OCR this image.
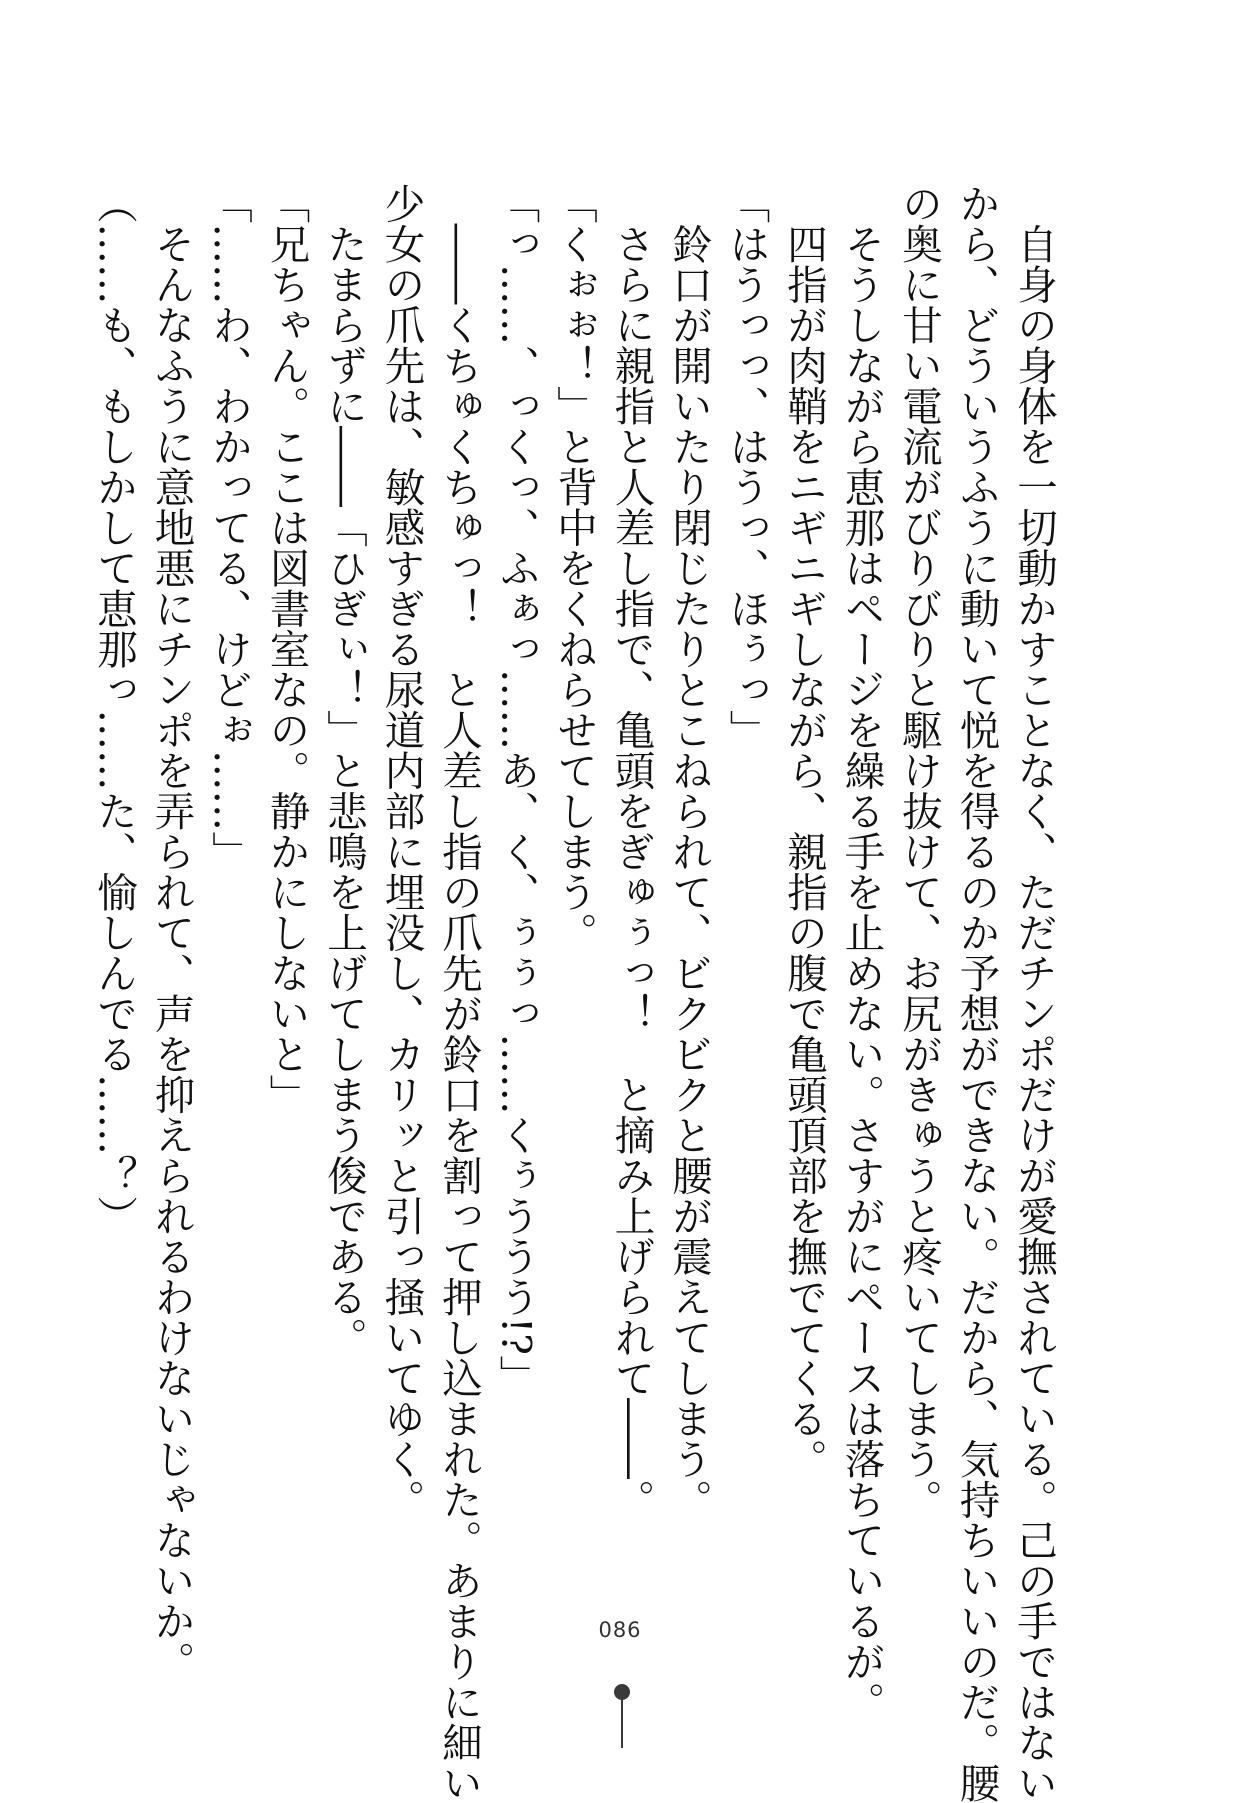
　自身の身体を一切動かすことなく、ただチンポだけが愛撫されている。己の手ではない
から、どういうふうに動いて悦を得るのか予想ができない。だから、気持ちいいのだ。腰
の奥に甘い電流がびりびりと駆け抜けて、お尻がきゅうと疼いてしまう。
　そうしながら恵那はページを繰る手を止めない。さすがにペースは落ちているが。
　四指が肉鞘をニギニギしながら、親指の腹で亀頭頂部を撫でてくる。
「はうっっ、はうっ、ほぅっ」
　鈴口が開いたり閉じたりとこねられて、ビクビクと腰が震えてしまう。
　さらに親指と人差し指で、亀頭をぎゅぅっ！　と摘み上げられて――。
「くぉぉ！」と背中をくねらせてしまう。
「っ……、っくっ、ふぁっ……あ、く、ぅぅっ……くぅううう!?」
　――くちゅくちゅっ！　と人差し指の爪先が鈴口を割って押し込まれた。あまりに細い
少女の爪先は、敏感すぎる尿道内部に埋没し、カリッと引っ掻いてゆく。
　たまらずに――「ひぎぃ！」と悲鳴を上げてしまう俊である。
「兄ちゃん。ここは図書室なの。静かにしないと」
「……わ、わかってる、けどぉ……」
　そんなふうに意地悪にチンポを弄られて、声を抑えられるわけないじゃないか。
（……も、もしかして恵那っ……た、愉しんでる……？）
086
